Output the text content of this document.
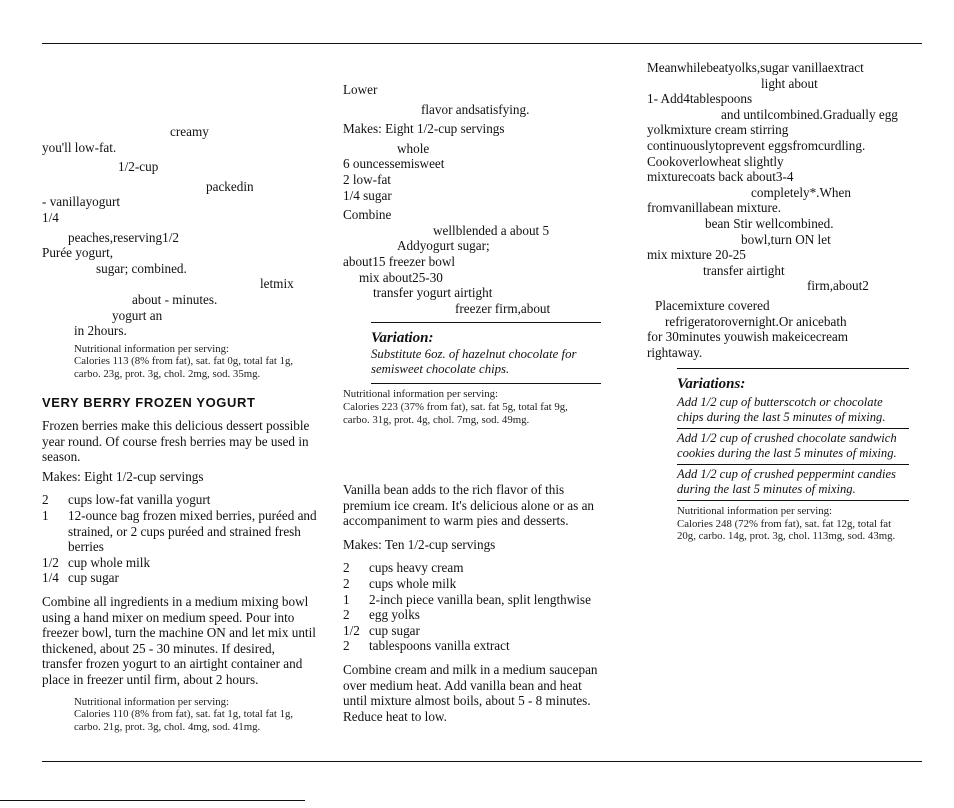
creamy

you'll low-fat.

1/2-cup

packedin

- vanillayogurt

1/4

peaches,reserving1/2

Purée yogurt,

sugar; combined.

letmix

about - minutes.

yogurt an

in 2hours.

Nutritional information per serving:

Calories 113 (8% from fat), sat. fat 0g, total fat 1g,

carbo. 23g, prot. 3g, chol. 2mg, sod. 35mg.

VERY BERRY FROZEN YOGURT

Frozen berries make this delicious dessert possible year round. Of course fresh berries may be used in season.

Makes: Eight 1/2-cup servings

2	cups low-fat vanilla yogurt
1	12-ounce bag frozen mixed berries, puréed and strained, or 2 cups puréed and strained fresh berries
1/2 cup whole milk
1/4 cup sugar

Combine all ingredients in a medium mixing bowl using a hand mixer on medium speed. Pour into freezer bowl, turn the machine ON and let mix until thickened, about 25 - 30 minutes. If desired, transfer frozen yogurt to an airtight container and place in freezer until firm, about 2 hours.

Nutritional information per serving:

Calories 110 (8% from fat), sat. fat 1g, total fat 1g,

carbo. 21g, prot. 3g, chol. 4mg, sod. 41mg.

Lower

flavor andsatisfying.

Makes: Eight 1/2-cup servings

whole

6 ouncessemisweet

2 low-fat

1/4 sugar

Combine

wellblended a about 5

Addyogurt sugar;

about15 freezer bowl

mix about25-30

transfer yogurt airtight

freezer firm,about

Variation:

Substitute 6oz. of hazelnut chocolate for semisweet chocolate chips.

Nutritional information per serving:

Calories 223 (37% from fat), sat. fat 5g, total fat 9g,

carbo. 31g, prot. 4g, chol. 7mg, sod. 49mg.

Vanilla bean adds to the rich flavor of this premium ice cream. It's delicious alone or as an accompaniment to warm pies and desserts.

Makes: Ten 1/2-cup servings

2	cups heavy cream
2	cups whole milk
1	2-inch piece vanilla bean, split lengthwise
2	egg yolks
1/2 cup sugar
2	tablespoons vanilla extract

Combine cream and milk in a medium saucepan over medium heat. Add vanilla bean and heat until mixture almost boils, about 5 - 8 minutes.

Reduce heat to low.

Meanwhilebeatyolks,sugar vanillaextract

light about

1- Add4tablespoons

and untilcombined.Gradually egg

yolkmixture cream stirring

continuouslytoprevent eggsfromcurdling.

Cookoverlowheat slightly

mixturecoats back about3-4

completely*.When

fromvanillabean mixture.

bean Stir wellcombined.

bowl,turn ON let

mix mixture 20-25

transfer airtight

firm,about2

Placemixture covered

refrigeratorovernight.Or anicebath

for 30minutes youwish makeicecream

rightaway.

Variations:

Add 1/2 cup of butterscotch or chocolate chips during the last 5 minutes of mixing.

Add 1/2 cup of crushed chocolate sandwich cookies during the last 5 minutes of mixing.

Add 1/2 cup of crushed peppermint candies during the last 5 minutes of mixing.

Nutritional information per serving:

Calories 248 (72% from fat), sat. fat 12g, total fat

20g, carbo. 14g, prot. 3g, chol. 113mg, sod. 43mg.
